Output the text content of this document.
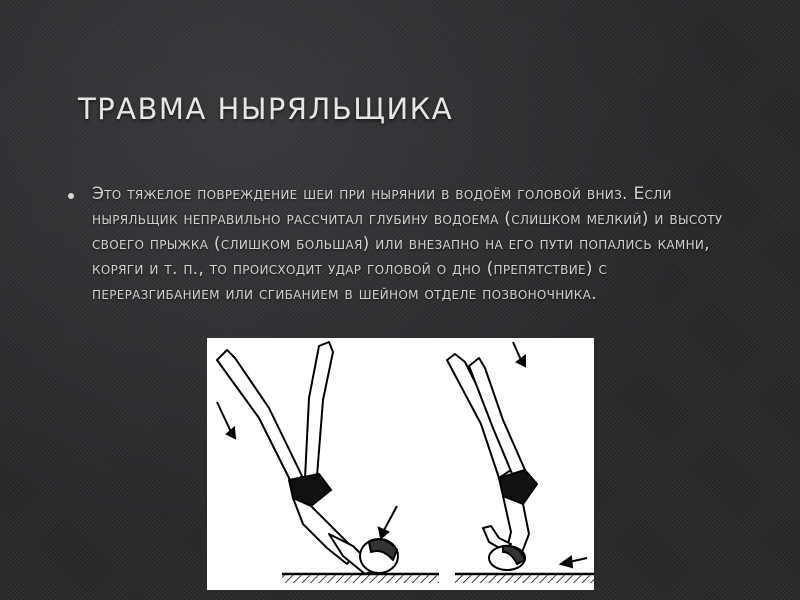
ТРАВМА НЫРЯЛЬЩИКА
Это тяжелое повреждение шеи при нырянии в водоём головой вниз. Если ныряльщик неправильно рассчитал глубину водоема (слишком мелкий) и высоту своего прыжка (слишком большая) или внезапно на его пути попались камни, коряги и т. п., то происходит удар головой о дно (препятствие) с переразгибанием или сгибанием в шейном отделе позвоночника.
